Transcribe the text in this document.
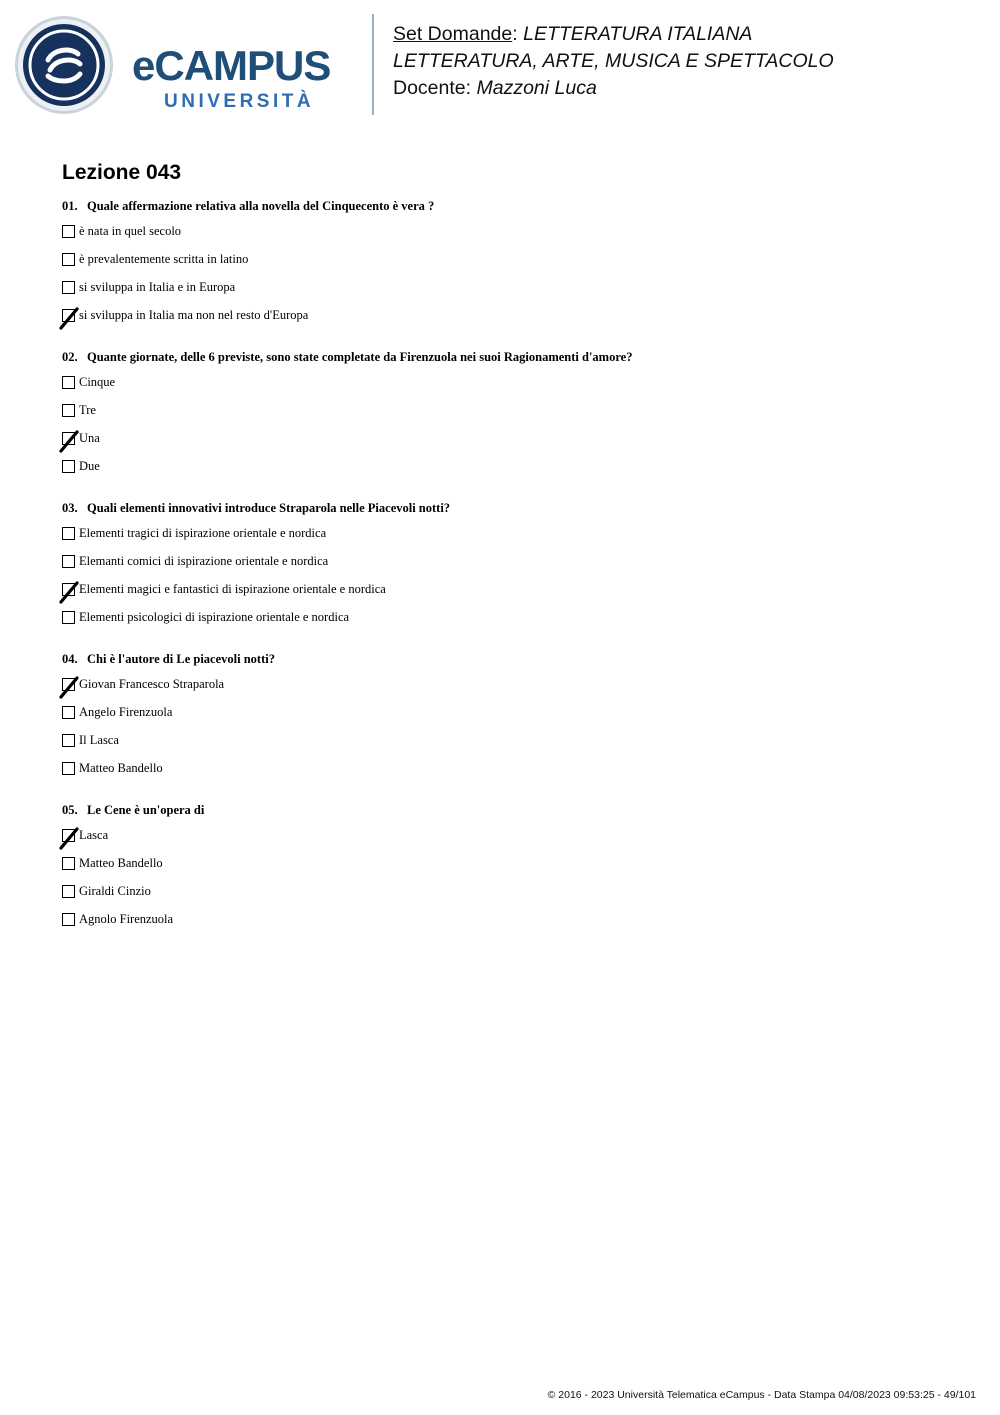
eCAMPUS
UNIVERSITÀ
Set Domande: LETTERATURA ITALIANA
LETTERATURA, ARTE, MUSICA E SPETTACOLO
Docente: Mazzoni Luca
Lezione 043
01. Quale affermazione relativa alla novella del Cinquecento è vera ?
è nata in quel secolo
è prevalentemente scritta in latino
si sviluppa in Italia e in Europa
si sviluppa in Italia ma non nel resto d'Europa
02. Quante giornate, delle 6 previste, sono state completate da Firenzuola nei suoi Ragionamenti d'amore?
Cinque
Tre
Una
Due
03. Quali elementi innovativi introduce Straparola nelle Piacevoli notti?
Elementi tragici di ispirazione orientale e nordica
Elemanti comici di ispirazione orientale e nordica
Elementi magici e fantastici di ispirazione orientale e nordica
Elementi psicologici di ispirazione orientale e nordica
04. Chi è l'autore di Le piacevoli notti?
Giovan Francesco Straparola
Angelo Firenzuola
Il Lasca
Matteo Bandello
05. Le Cene è un'opera di
Lasca
Matteo Bandello
Giraldi Cinzio
Agnolo Firenzuola
© 2016 - 2023 Università Telematica eCampus - Data Stampa 04/08/2023 09:53:25 - 49/101
